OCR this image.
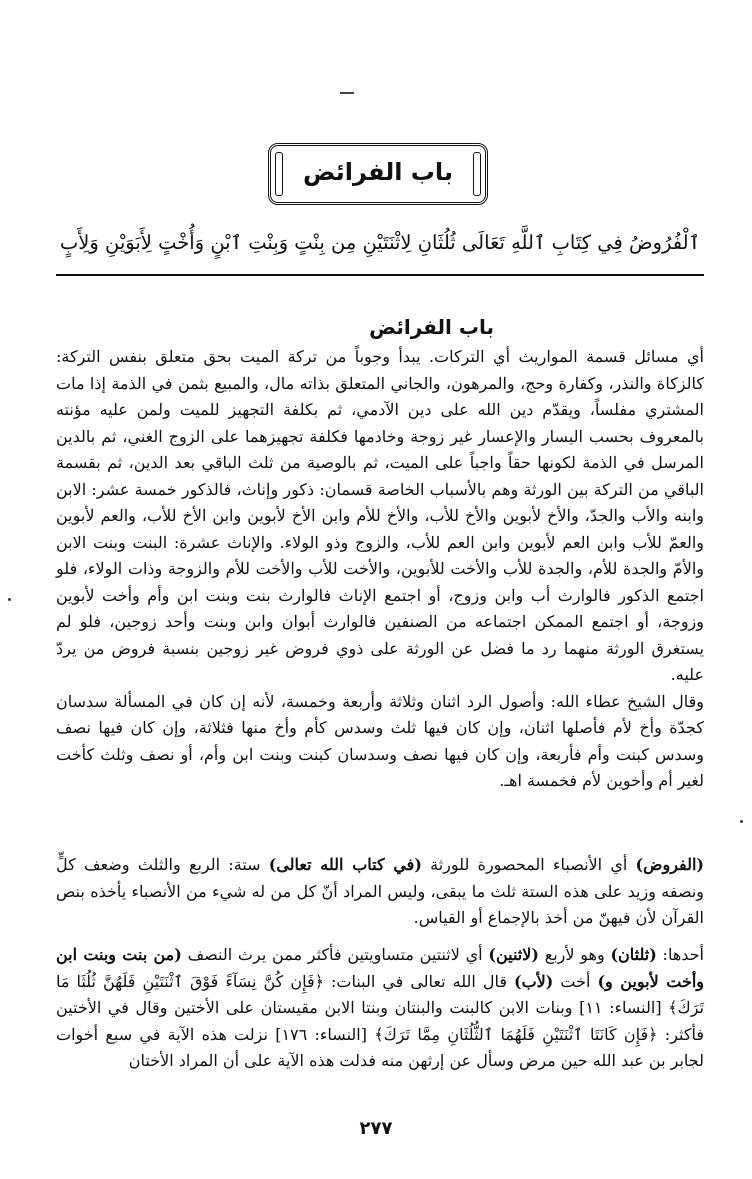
باب الفرائض
ٱلْفُرُوضُ فِي كِتَابِ ٱللَّهِ تَعَالَى ثُلُثَانِ لِاثْنَتَيْنِ مِن بِنْتٍ وَبِنْتِ ٱبْنٍ وَأُخْتٍ لِأَبَوَيْنِ وَلِأَبٍ
باب الفرائض

أي مسائل قسمة المواريث أي التركات. يبدأ وجوباً من تركة الميت بحق متعلق بنفس التركة: كالزكاة والنذر، وكفارة وحج، والمرهون، والجاني المتعلق بذاته مال، والمبيع بثمن في الذمة إذا مات المشتري مفلساً، ويقدّم دين الله على دين الآدمي، ثم بكلفة التجهيز للميت ولمن عليه مؤنته بالمعروف بحسب اليسار والإعسار غير زوجة وخادمها فكلفة تجهيزهما على الزوج الغني، ثم بالدين المرسل في الذمة لكونها حقاً واجباً على الميت، ثم بالوصية من ثلث الباقي بعد الدين، ثم بقسمة الباقي من التركة بين الورثة وهم بالأسباب الخاصة قسمان: ذكور وإناث، فالذكور خمسة عشر: الابن وابنه والأب والجدّ، والأخ لأبوين والأخ للأب، والأخ للأم وابن الأخ لأبوين وابن الأخ للأب، والعم لأبوين والعمّ للأب وابن العم لأبوين وابن العم للأب، والزوج وذو الولاء. والإناث عشرة: البنت وبنت الابن والأمّ والجدة للأم، والجدة للأب والأخت للأبوين، والأخت للأب والأخت للأم والزوجة وذات الولاء، فلو اجتمع الذكور فالوارث أب وابن وزوج، أو اجتمع الإناث فالوارث بنت وبنت ابن وأم وأخت لأبوين وزوجة، أو اجتمع الممكن اجتماعه من الصنفين فالوارث أبوان وابن وبنت وأحد زوجين، فلو لم يستغرق الورثة منهما رد ما فضل عن الورثة على ذوي فروض غير زوجين بنسبة فروض من يردّ عليه.

وقال الشيخ عطاء الله: وأصول الرد اثنان وثلاثة وأربعة وخمسة، لأنه إن كان في المسألة سدسان كجدّة وأخ لأم فأصلها اثنان، وإن كان فيها ثلث وسدس كأم وأخ منها فثلاثة، وإن كان فيها نصف وسدس كبنت وأم فأربعة، وإن كان فيها نصف وسدسان كبنت وبنت ابن وأم، أو نصف وثلث كأخت لغير أم وأخوين لأم فخمسة اهـ.

(الفروض) أي الأنصباء المحصورة للورثة (في كتاب الله تعالى) ستة: الربع والثلث وضعف كلٍّ ونصفه وزيد على هذه الستة ثلث ما يبقى، وليس المراد أنّ كل من له شيء من الأنصباء يأخذه بنص القرآن لأن فيهنّ من أخذ بالإجماع أو القياس.

أحدها: (ثلثان) وهو لأربع (لاثنين) أي لاثنتين متساويتين فأكثر ممن يرث النصف (من بنت وبنت ابن وأخت لأبوين و) أخت (لأب) قال الله تعالى في البنات: ﴿فَإِن كُنَّ نِسَآءً فَوْقَ ٱثْنَتَيْنِ فَلَهُنَّ ثُلُثَا مَا تَرَكَ﴾ [النساء: ١١] وبنات الابن كالبنت والبنتان وبنتا الابن مقيستان على الأختين وقال في الأختين فأكثر: ﴿فَإِن كَانَتَا ٱثْنَتَيْنِ فَلَهُمَا ٱلثُّلُثَانِ مِمَّا تَرَكَ﴾ [النساء: ١٧٦] نزلت هذه الآية في سبع أخوات لجابر بن عبد الله حين مرض وسأل عن إرثهن منه فدلت هذه الآية على أن المراد الأختان

٢٧٧
